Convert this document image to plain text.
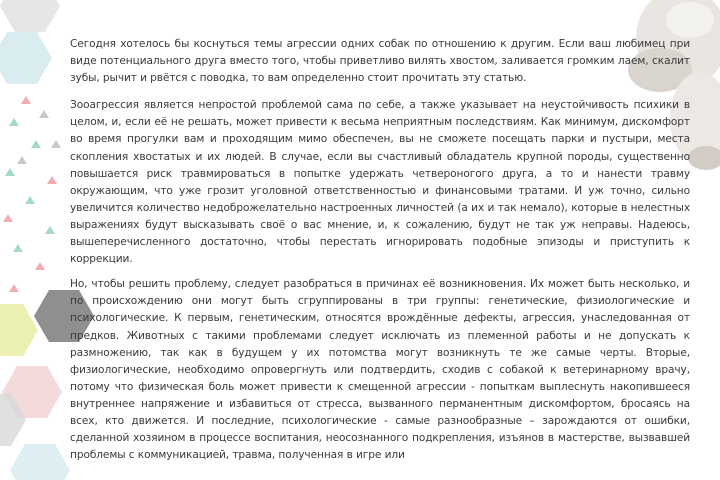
Сегодня хотелось бы коснуться темы агрессии одних собак по отношению к другим. Если ваш любимец при виде потенциального друга вместо того, чтобы приветливо вилять хвостом, заливается громким лаем, скалит зубы, рычит и рвётся с поводка, то вам определенно стоит прочитать эту статью.

Зооагрессия является непростой проблемой сама по себе, а также указывает на неустойчивость психики в целом, и, если её не решать, может привести к весьма неприятным последствиям. Как минимум, дискомфорт во время прогулки вам и проходящим мимо обеспечен, вы не сможете посещать парки и пустыри, места скопления хвостатых и их людей. В случае, если вы счастливый обладатель крупной породы, существенно повышается риск травмироваться в попытке удержать четвероногого друга, а то и нанести травму окружающим, что уже грозит уголовной ответственностью и финансовыми тратами. И уж точно, сильно увеличится количество недоброжелательно настроенных личностей (а их и так немало), которые в нелестных выражениях будут высказывать своё о вас мнение, и, к сожалению, будут не так уж неправы. Надеюсь, вышеперечисленного достаточно, чтобы перестать игнорировать подобные эпизоды и приступить к коррекции.

Но, чтобы решить проблему, следует разобраться в причинах её возникновения. Их может быть несколько, и по происхождению они могут быть сгруппированы в три группы: генетические, физиологические и психологические. К первым, генетическим, относятся врождённые дефекты, агрессия, унаследованная от предков. Животных с такими проблемами следует исключать из племенной работы и не допускать к размножению, так как в будущем у их потомства могут возникнуть те же самые черты. Вторые, физиологические, необходимо опровергнуть или подтвердить, сходив с собакой к ветеринарному врачу, потому что физическая боль может привести к смещенной агрессии - попыткам выплеснуть накопившееся внутреннее напряжение и избавиться от стресса, вызванного перманентным дискомфортом, бросаясь на всех, кто движется. И последние, психологические - самые разнообразные – зарождаются от ошибки, сделанной хозяином в процессе воспитания, неосознанного подкрепления, изъянов в мастерстве, вызвавшей проблемы с коммуникацией, травма, полученная в игре или
